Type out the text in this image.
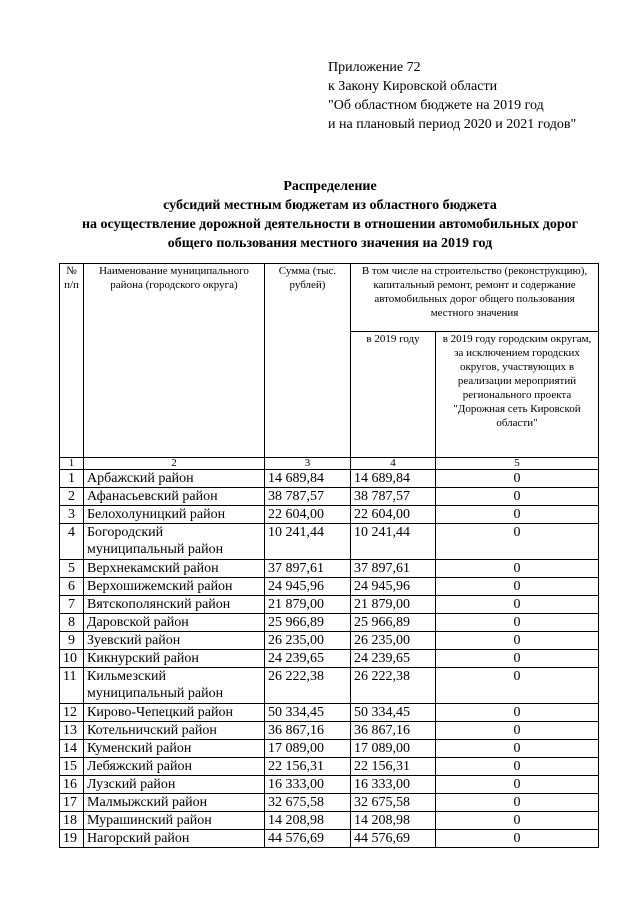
Приложение 72
к Закону Кировской области
"Об областном бюджете на 2019 год
и на плановый период 2020 и 2021 годов"
Распределение
субсидий местным бюджетам из областного бюджета
на осуществление дорожной деятельности в отношении автомобильных дорог
общего пользования местного значения на 2019 год
№ п/п	Наименование муниципального района (городского округа)	Сумма (тыс. рублей)	В том числе на строительство (реконструкцию), капитальный ремонт, ремонт и содержание автомобильных дорог общего пользования местного значения	
			в 2019 году	в 2019 году городским округам, за исключением городских округов, участвующих в реализации мероприятий регионального проекта "Дорожная сеть Кировской области"
1	2	3	4	5
1	Арбажский район	14 689,84	14 689,84	0
2	Афанасьевский район	38 787,57	38 787,57	0
3	Белохолуницкий район	22 604,00	22 604,00	0
4	Богородский муниципальный район	10 241,44	10 241,44	0
5	Верхнекамский район	37 897,61	37 897,61	0
6	Верхошижемский район	24 945,96	24 945,96	0
7	Вятскополянский район	21 879,00	21 879,00	0
8	Даровской район	25 966,89	25 966,89	0
9	Зуевский район	26 235,00	26 235,00	0
10	Кикнурский район	24 239,65	24 239,65	0
11	Кильмезский муниципальный район	26 222,38	26 222,38	0
12	Кирово-Чепецкий район	50 334,45	50 334,45	0
13	Котельничский район	36 867,16	36 867,16	0
14	Куменский район	17 089,00	17 089,00	0
15	Лебяжский район	22 156,31	22 156,31	0
16	Лузский район	16 333,00	16 333,00	0
17	Малмыжский район	32 675,58	32 675,58	0
18	Мурашинский район	14 208,98	14 208,98	0
19	Нагорский район	44 576,69	44 576,69	0
